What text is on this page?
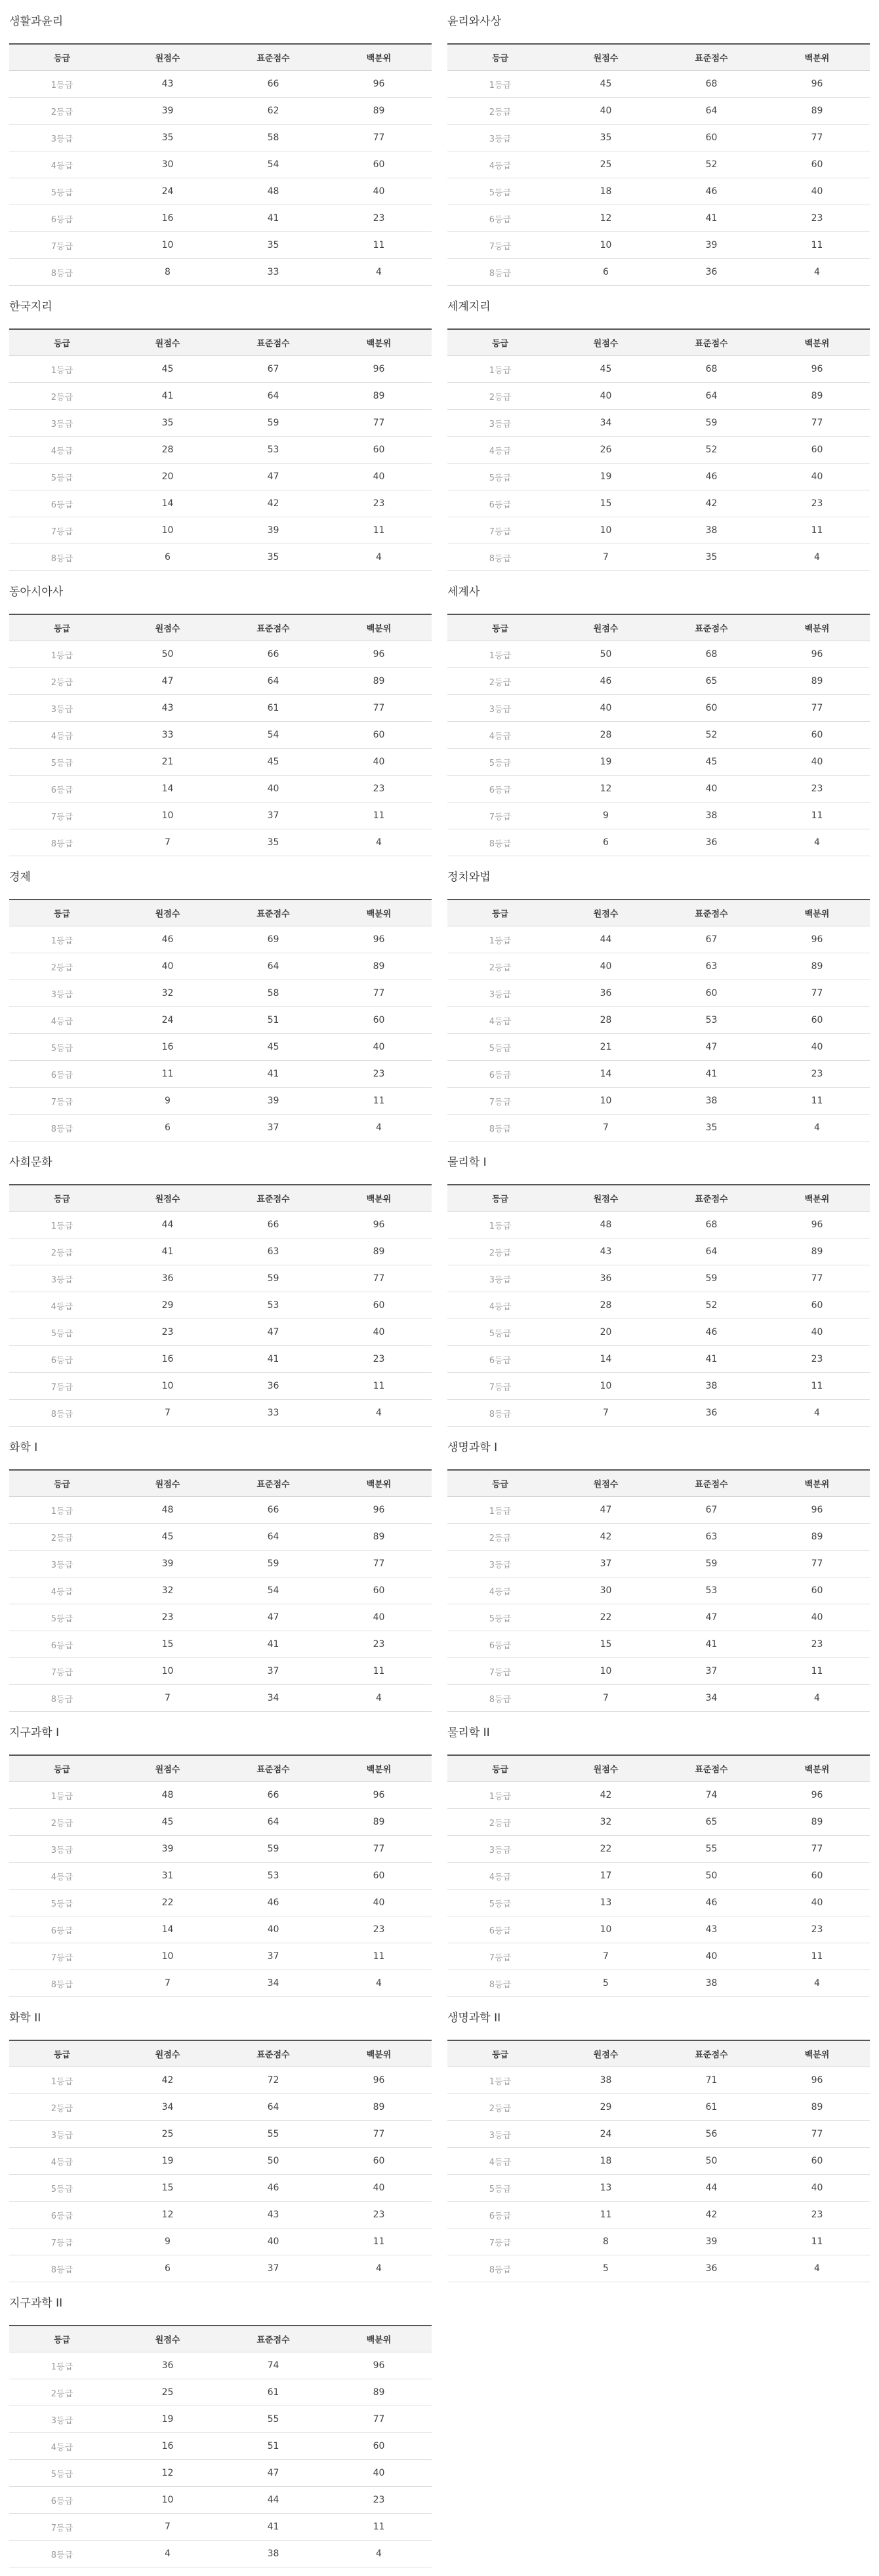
생활과윤리
등급	원점수	표준점수	백분위
1등급	43	66	96
2등급	39	62	89
3등급	35	58	77
4등급	30	54	60
5등급	24	48	40
6등급	16	41	23
7등급	10	35	11
8등급	8	33	4
윤리와사상
등급	원점수	표준점수	백분위
1등급	45	68	96
2등급	40	64	89
3등급	35	60	77
4등급	25	52	60
5등급	18	46	40
6등급	12	41	23
7등급	10	39	11
8등급	6	36	4
한국지리
등급	원점수	표준점수	백분위
1등급	45	67	96
2등급	41	64	89
3등급	35	59	77
4등급	28	53	60
5등급	20	47	40
6등급	14	42	23
7등급	10	39	11
8등급	6	35	4
세계지리
등급	원점수	표준점수	백분위
1등급	45	68	96
2등급	40	64	89
3등급	34	59	77
4등급	26	52	60
5등급	19	46	40
6등급	15	42	23
7등급	10	38	11
8등급	7	35	4
동아시아사
등급	원점수	표준점수	백분위
1등급	50	66	96
2등급	47	64	89
3등급	43	61	77
4등급	33	54	60
5등급	21	45	40
6등급	14	40	23
7등급	10	37	11
8등급	7	35	4
세계사
등급	원점수	표준점수	백분위
1등급	50	68	96
2등급	46	65	89
3등급	40	60	77
4등급	28	52	60
5등급	19	45	40
6등급	12	40	23
7등급	9	38	11
8등급	6	36	4
경제
등급	원점수	표준점수	백분위
1등급	46	69	96
2등급	40	64	89
3등급	32	58	77
4등급	24	51	60
5등급	16	45	40
6등급	11	41	23
7등급	9	39	11
8등급	6	37	4
정치와법
등급	원점수	표준점수	백분위
1등급	44	67	96
2등급	40	63	89
3등급	36	60	77
4등급	28	53	60
5등급	21	47	40
6등급	14	41	23
7등급	10	38	11
8등급	7	35	4
사회문화
등급	원점수	표준점수	백분위
1등급	44	66	96
2등급	41	63	89
3등급	36	59	77
4등급	29	53	60
5등급	23	47	40
6등급	16	41	23
7등급	10	36	11
8등급	7	33	4
물리학 I
등급	원점수	표준점수	백분위
1등급	48	68	96
2등급	43	64	89
3등급	36	59	77
4등급	28	52	60
5등급	20	46	40
6등급	14	41	23
7등급	10	38	11
8등급	7	36	4
화학 I
등급	원점수	표준점수	백분위
1등급	48	66	96
2등급	45	64	89
3등급	39	59	77
4등급	32	54	60
5등급	23	47	40
6등급	15	41	23
7등급	10	37	11
8등급	7	34	4
생명과학 I
등급	원점수	표준점수	백분위
1등급	47	67	96
2등급	42	63	89
3등급	37	59	77
4등급	30	53	60
5등급	22	47	40
6등급	15	41	23
7등급	10	37	11
8등급	7	34	4
지구과학 I
등급	원점수	표준점수	백분위
1등급	48	66	96
2등급	45	64	89
3등급	39	59	77
4등급	31	53	60
5등급	22	46	40
6등급	14	40	23
7등급	10	37	11
8등급	7	34	4
물리학 II
등급	원점수	표준점수	백분위
1등급	42	74	96
2등급	32	65	89
3등급	22	55	77
4등급	17	50	60
5등급	13	46	40
6등급	10	43	23
7등급	7	40	11
8등급	5	38	4
화학 II
등급	원점수	표준점수	백분위
1등급	42	72	96
2등급	34	64	89
3등급	25	55	77
4등급	19	50	60
5등급	15	46	40
6등급	12	43	23
7등급	9	40	11
8등급	6	37	4
생명과학 II
등급	원점수	표준점수	백분위
1등급	38	71	96
2등급	29	61	89
3등급	24	56	77
4등급	18	50	60
5등급	13	44	40
6등급	11	42	23
7등급	8	39	11
8등급	5	36	4
지구과학 II
등급	원점수	표준점수	백분위
1등급	36	74	96
2등급	25	61	89
3등급	19	55	77
4등급	16	51	60
5등급	12	47	40
6등급	10	44	23
7등급	7	41	11
8등급	4	38	4
